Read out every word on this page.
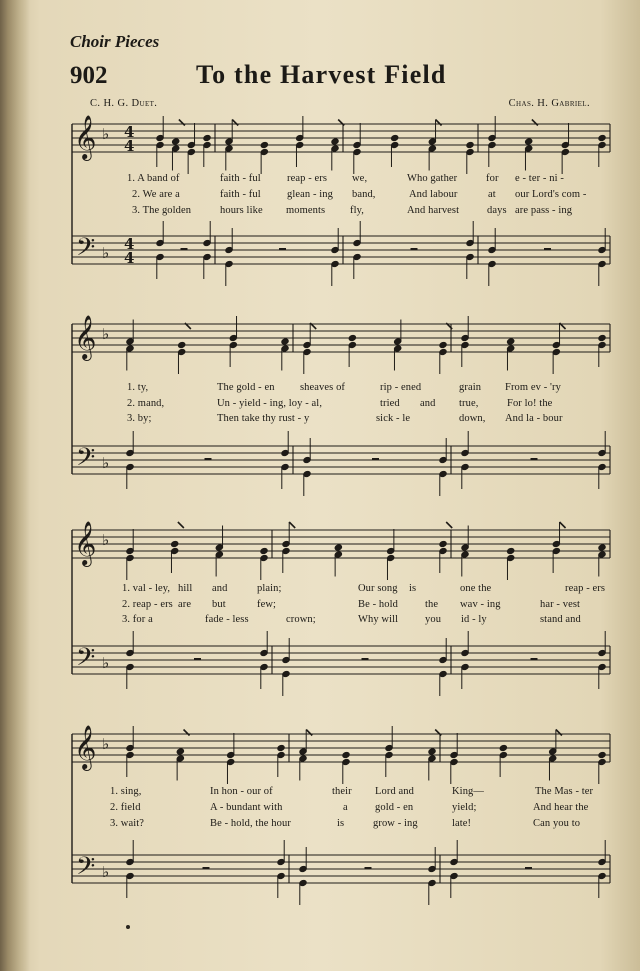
Choir Pieces
902	To the Harvest Field
C. H. G. Duet.	Chas. H. Gabriel.
1. A band of	faith - ful reap - ers we,	Who gather	for e - ter - ni -
2. We are a	faith - ful glean - ing band,	And labour	at our Lord's com -
3. The golden	hours like moments fly,	And harvest	days are pass - ing
1. ty,	The gold - en sheaves of	rip - ened	grain From ev - 'ry
2. mand,	Un - yield - ing, loy - al,	tried and true,	For lo! the
3. by;	Then take thy rust - y	sick - le	down, And la - bour
1. val - ley, hill and	plain;	Our song is	one the	reap - ers
2. reap - ers are but	few;	Be - hold	the wav - ing	har - vest
3. for a	fade - less	crown;	Why will	you id - ly	stand and
1. sing,	In hon - our of	their Lord and	King—	The Mas - ter
2. field	A - bundant with	a	gold - en	yield;	And hear the
3. wait?	Be - hold, the hour	is	grow - ing	late!	Can you to
𝄞
𝄢
♭
♭
4
4
4
4
𝄞
𝄢
♭
♭
𝄞
𝄢
♭
♭
𝄞
𝄢
♭
♭
